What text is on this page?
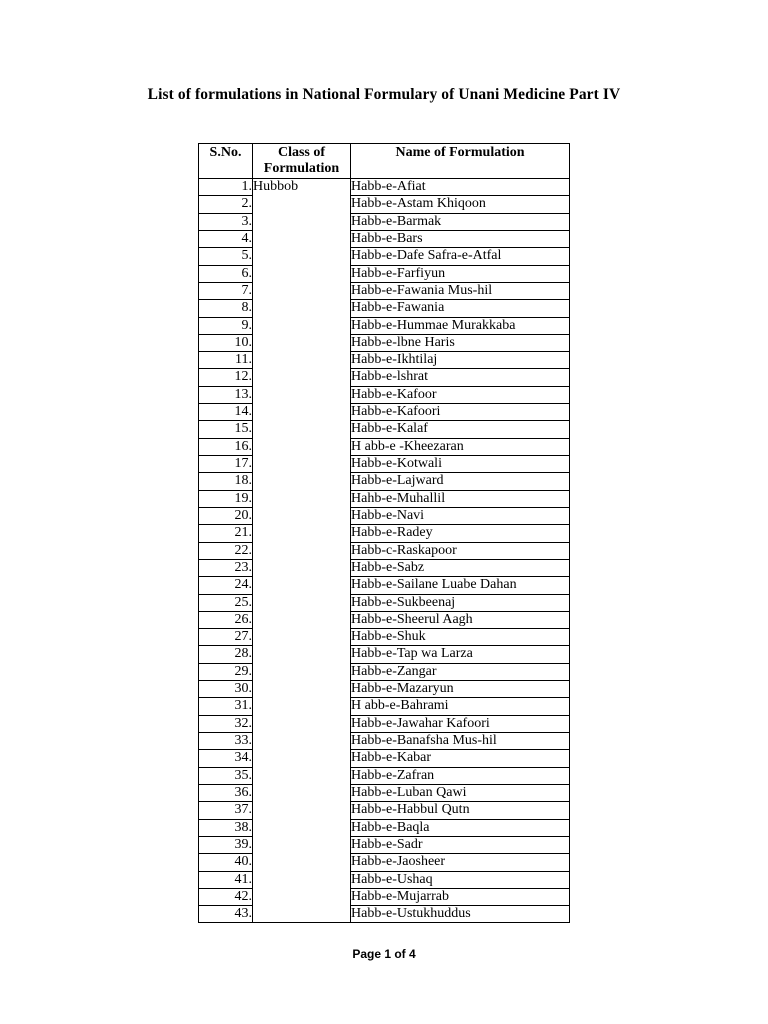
List of formulations in National Formulary of Unani Medicine Part IV
S.No.	Class of Formulation	Name of Formulation
1.	Hubbob	Habb-e-Afiat
2.		Habb-e-Astam Khiqoon
3.		Habb-e-Barmak
4.		Habb-e-Bars
5.		Habb-e-Dafe Safra-e-Atfal
6.		Habb-e-Farfiyun
7.		Habb-e-Fawania Mus-hil
8.		Habb-e-Fawania
9.		Habb-e-Hummae Murakkaba
10.		Habb-e-lbne Haris
11.		Habb-e-Ikhtilaj
12.		Habb-e-lshrat
13.		Habb-e-Kafoor
14.		Habb-e-Kafoori
15.		Habb-e-Kalaf
16.		H abb-e -Kheezaran
17.		Habb-e-Kotwali
18.		Habb-e-Lajward
19.		Hahb-e-Muhallil
20.		Habb-e-Navi
21.		Habb-e-Radey
22.		Habb-c-Raskapoor
23.		Habb-e-Sabz
24.		Habb-e-Sailane Luabe Dahan
25.		Habb-e-Sukbeenaj
26.		Habb-e-Sheerul Aagh
27.		Habb-e-Shuk
28.		Habb-e-Tap wa Larza
29.		Habb-e-Zangar
30.		Habb-e-Mazaryun
31.		H abb-e-Bahrami
32.		Habb-e-Jawahar Kafoori
33.		Habb-e-Banafsha Mus-hil
34.		Habb-e-Kabar
35.		Habb-e-Zafran
36.		Habb-e-Luban Qawi
37.		Habb-e-Habbul Qutn
38.		Habb-e-Baqla
39.		Habb-e-Sadr
40.		Habb-e-Jaosheer
41.		Habb-e-Ushaq
42.		Habb-e-Mujarrab
43.		Habb-e-Ustukhuddus
Page 1 of 4
